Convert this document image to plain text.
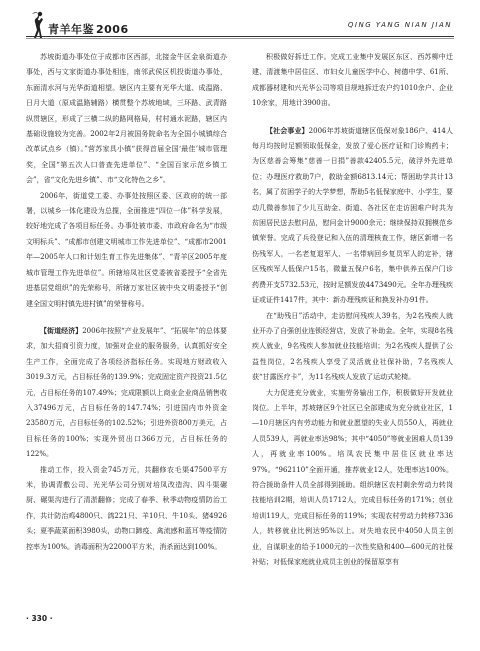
青羊年鉴 2006	QING YANG NIAN JIAN

苏坡街道办事处位于成都市区西部，北接金牛区金泉街道办事处，西与文家街道办事处相连，南邻武侯区机投街道办事处，东面清水河与光华街道相望。辖区内主要有光华大道、成温路、日月大道（原成温路辅路）横贯整个苏坡地域，三环路、武青路纵贯辖区，形成了三横二纵的路网格局，村村通水泥路，辖区内基础设施较为完善。2002年2月被国务院命名为全国小城镇综合改革试点乡（镇）。”营苏家具小镇“获得首届全国‘最佳’城市管理奖，全国“第五次人口普查先进单位”、“全国百家示范乡镇工会”，省“文化先进乡镇”、市“文化特色之乡”。

2006年，街道党工委、办事处按照区委、区政府的统一部署，以城乡一体化建设为总揽，全面推进“四位一体”科学发展，较好地完成了各项目标任务。办事处被市委、市政府命名为“市级文明标兵”、“成都市创建文明城市工作先进单位”、“成都市2001年—2005年人口和计划生育工作先进集体”、“青羊区2005年度城市管理工作先进单位”。所辖培凤社区党委被省委授予“全省先进基层党组织”的先荣称号，所辖万家社区被中央文明委授予“创建全国文明村镇先进村镇”的荣誉称号。

【街道经济】2006年按照“产业发展年”、“拓展年”的总体要求，加大招商引资力度，加强对企业的服务服务，认真抓好安全生产工作，全面完成了各项经济指标任务。实现地方财政收入3019.3万元，占目标任务的139.9%；完成固定资产投资21.5亿元，占目标任务的107.49%；完成限额以上商业企业商品销售收入37496万元，占目标任务的147.74%；引进国内市外资金23580万元，占目标任务的102.52%；引进外资800万美元，占目标任务的100%；实现外贸出口366万元，占目标任务的122%。

推动工作，投入资金745万元，共翻修农毛渠47500平方米，协调青敷公司、光光华公司分别对培凤改造沟、四斗渠碾厨、碾渠沟进行了清淤翻修；完成了春季、秋季动物疫情防治工作，共计防治鸡4800只、鸽221只、羊10只、牛10头、猪4926头；夏季蔬菜面积3980头，动物口蹄疫、禽流感和蓝耳等疫情防控率为100%。消毒面积为22000平方米，消杀面达到100%。

积极做好拆迁工作。完成工业集中发展区东区、西苏柳中迁建、清渡集中居住区、市妇女儿童医学中心、树德中学、61所、成都器材建和兴光华公司等项目规地拆迁农户约1010余户、企业10余家，用地计3900亩。

【社会事业】2006年苏坡街道辖区低保对象186户、414人每月均按时足额领取低保金，发放了爱心医疗证和门诊购药卡；为区慈善会筹集“慈善一日捐”善款42405.5元，破浮外先进单位；办理医疗救助7户，救助金额6813.14元；帮困助学共计13名，属了贫困学子的大学梦想，帮助5名低保家庭中、小学生，要动几微善参加了少儿互助金、街道、各社区在走访困难户时共为贫困居民送去慰问品，慰问金计9000余元；继续保持双拥模范乡镇荣誉。完成了兵役登记和入伍的清理核查工作，辖区新增一名伤残军人，一名老复退军人、一名带病回乡复员军人的定补，辖区残疾军人低保户15名，微量五保户6名，集中供养五保户门诊药费开支5732.53元，按时足额发放4473490元。全年办理残疾证或证件1417件，其中：新办理残疾证和换发补办91件。

在“助残日”活动中，走访慰问残疾人39名，为2名残疾人就业开办了自强创业连锁经营店，发放了补助金。全年，实现8名残疾人就业，9名残疾人参加就业技能培训；为2名残疾人提供了公益性岗位，2名残疾人享受了灵活就业社保补助，7名残疾人获“甘露医疗卡”，为11名残疾人发放了运动式轮椅。

大力促进充分就业，实施劳务输出工作，积极做好开发就业岗位。上半年，苏坡辖区9个社区已全部建成为充分就业社区，1—10月辖区内有劳动能力和就业愿望的失业人员550人，再就业人员539人，再就业率达98%；其中“4050”等就业困难人员139人，再就业率100%。培凤农民集中居住区就业率达97%。“962110”全面开通，推荐就业12人，处理率达100%。符合援助条件人员全部得到援助。组织辖区农村剩余劳动力转岗技能培训2期，培训人员1712人，完成目标任务的171%；创业培训119人，完成目标任务的119%；实现农村劳动力转移7336人，转移就业比例达95%以上。对失地农民中4050人员主创业，自谋职业的给予1000元的一次性奖励和400—600元的社保补贴；对低保家庭就业成员主创业的保留原享有

· 330 ·
